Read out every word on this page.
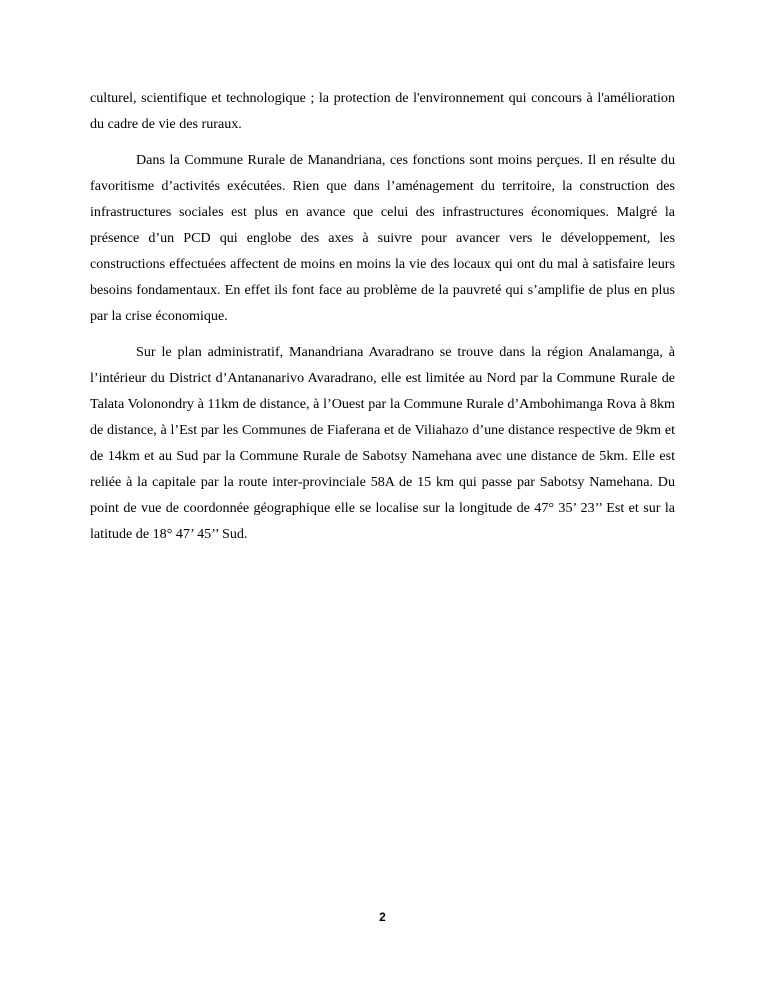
culturel, scientifique et technologique ; la protection de l'environnement qui concours à l'amélioration du cadre de vie des ruraux.

Dans la Commune Rurale de Manandriana, ces fonctions sont moins perçues. Il en résulte du favoritisme d’activités exécutées. Rien que dans l’aménagement du territoire, la construction des infrastructures sociales est plus en avance que celui des infrastructures économiques. Malgré la présence d’un PCD qui englobe des axes à suivre pour avancer vers le développement, les constructions effectuées affectent de moins en moins la vie des locaux qui ont du mal à satisfaire leurs besoins fondamentaux. En effet ils font face au problème de la pauvreté qui s’amplifie de plus en plus par la crise économique.

Sur le plan administratif, Manandriana Avaradrano se trouve dans la région Analamanga, à l’intérieur du District d’Antananarivo Avaradrano, elle est limitée au Nord par la Commune Rurale de Talata Volonondry à 11km de distance, à l’Ouest par la Commune Rurale d’Ambohimanga Rova à 8km de distance, à l’Est par les Communes de Fiaferana et de Viliahazo d’une distance respective de 9km et de 14km et au Sud par la Commune Rurale de Sabotsy Namehana avec une distance de 5km. Elle est reliée à la capitale par la route inter-provinciale 58A de 15 km qui passe par Sabotsy Namehana. Du point de vue de coordonnée géographique elle se localise sur la longitude de 47° 35’ 23’’ Est et sur la latitude de 18° 47’ 45’’ Sud.

2
